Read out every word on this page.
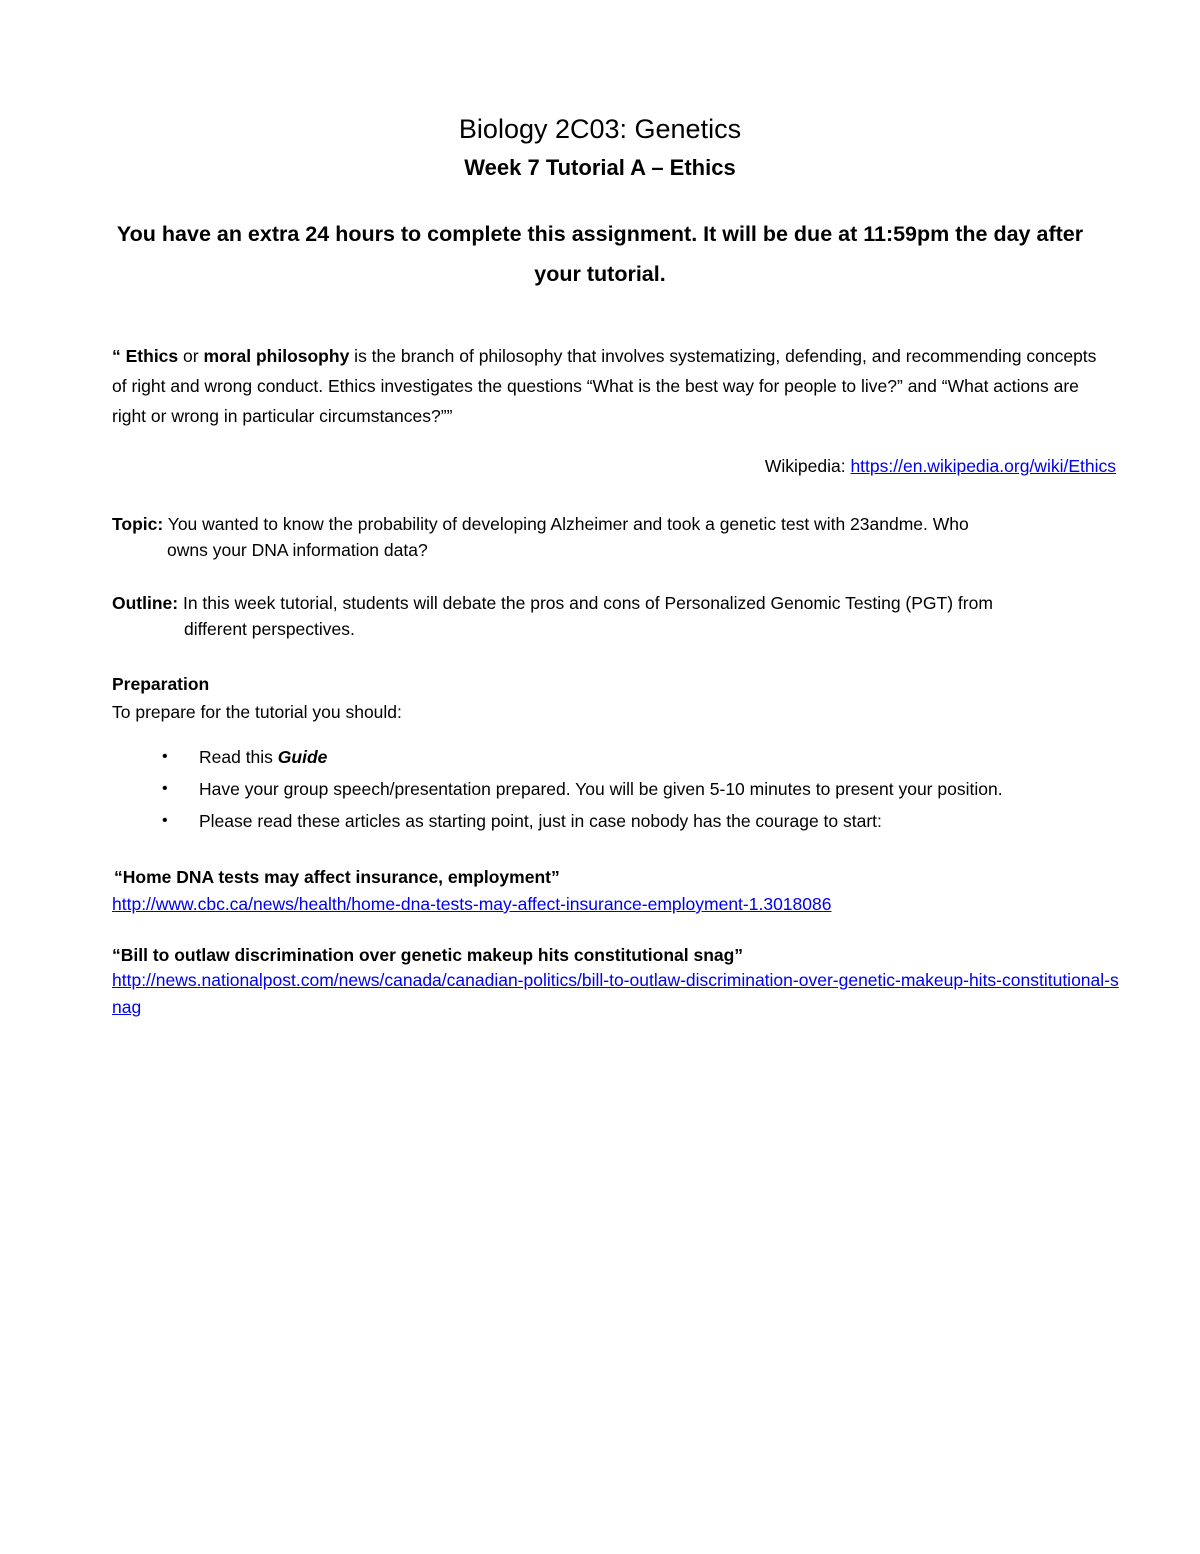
Biology 2C03: Genetics
Week 7 Tutorial A – Ethics
You have an extra 24 hours to complete this assignment. It will be due at 11:59pm the day after your tutorial.
“ Ethics or moral philosophy is the branch of philosophy that involves systematizing, defending, and recommending concepts of right and wrong conduct. Ethics investigates the questions “What is the best way for people to live?” and “What actions are right or wrong in particular circumstances?””
Wikipedia: https://en.wikipedia.org/wiki/Ethics
Topic: You wanted to know the probability of developing Alzheimer and took a genetic test with 23andme. Who
owns your DNA information data?
Outline: In this week tutorial, students will debate the pros and cons of Personalized Genomic Testing (PGT) from
different perspectives.
Preparation
To prepare for the tutorial you should:
• Read this Guide
• Have your group speech/presentation prepared. You will be given 5-10 minutes to present your position.
• Please read these articles as starting point, just in case nobody has the courage to start:
“Home DNA tests may affect insurance, employment”
http://www.cbc.ca/news/health/home-dna-tests-may-affect-insurance-employment-1.3018086
“Bill to outlaw discrimination over genetic makeup hits constitutional snag”
http://news.nationalpost.com/news/canada/canadian-politics/bill-to-outlaw-discrimination-over-genetic-makeup-hits-constitutional-snag
